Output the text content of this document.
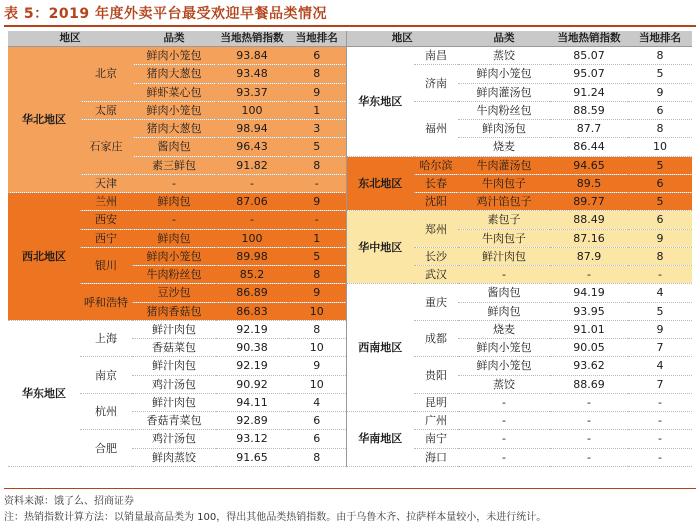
表 5：2019 年度外卖平台最受欢迎早餐品类情况
地区		品类	当地热销指数	当地排名	地区		品类	当地热销指数	当地排名
华北地区	北京	鲜肉小笼包	93.84	6	华东地区	南昌	蒸饺	85.07	8
		猪肉大葱包	93.48	8		济南	鲜肉小笼包	95.07	5
		鲜虾菜心包	93.37	9			鲜肉灌汤包	91.24	9
	太原	鲜肉小笼包	100	1		福州	牛肉粉丝包	88.59	6
	石家庄	猪肉大葱包	98.94	3			鲜肉汤包	87.7	8
		酱肉包	96.43	5			烧麦	86.44	10
		素三鲜包	91.82	8	东北地区	哈尔滨	牛肉灌汤包	94.65	5
	天津	-	-	-		长春	牛肉包子	89.5	6
西北地区	兰州	鲜肉包	87.06	9		沈阳	鸡汁馅包子	89.77	5
	西安	-	-	-	华中地区	郑州	素包子	88.49	6
	西宁	鲜肉包	100	1			牛肉包子	87.16	9
	银川	鲜肉小笼包	89.98	5		长沙	鲜汁肉包	87.9	8
		牛肉粉丝包	85.2	8		武汉	-	-	-
	呼和浩特	豆沙包	86.89	9	西南地区	重庆	酱肉包	94.19	4
		猪肉香菇包	86.83	10			鲜肉包	93.95	5
华东地区	上海	鲜汁肉包	92.19	8		成都	烧麦	91.01	9
		香菇菜包	90.38	10			鲜肉小笼包	90.05	7
	南京	鲜汁肉包	92.19	9		贵阳	鲜肉小笼包	93.62	4
		鸡汁汤包	90.92	10			蒸饺	88.69	7
	杭州	鲜汁肉包	94.11	4		昆明	-	-	-
		香菇青菜包	92.89	6	华南地区	广州	-	-	-
	合肥	鸡汁汤包	93.12	6		南宁	-	-	-
		鲜肉蒸饺	91.65	8		海口	-	-	-

资料来源：饿了么、招商证券
注：热销指数计算方法：以销量最高品类为 100，得出其他品类热销指数。由于乌鲁木齐、拉萨样本量较小，未进行统计。
